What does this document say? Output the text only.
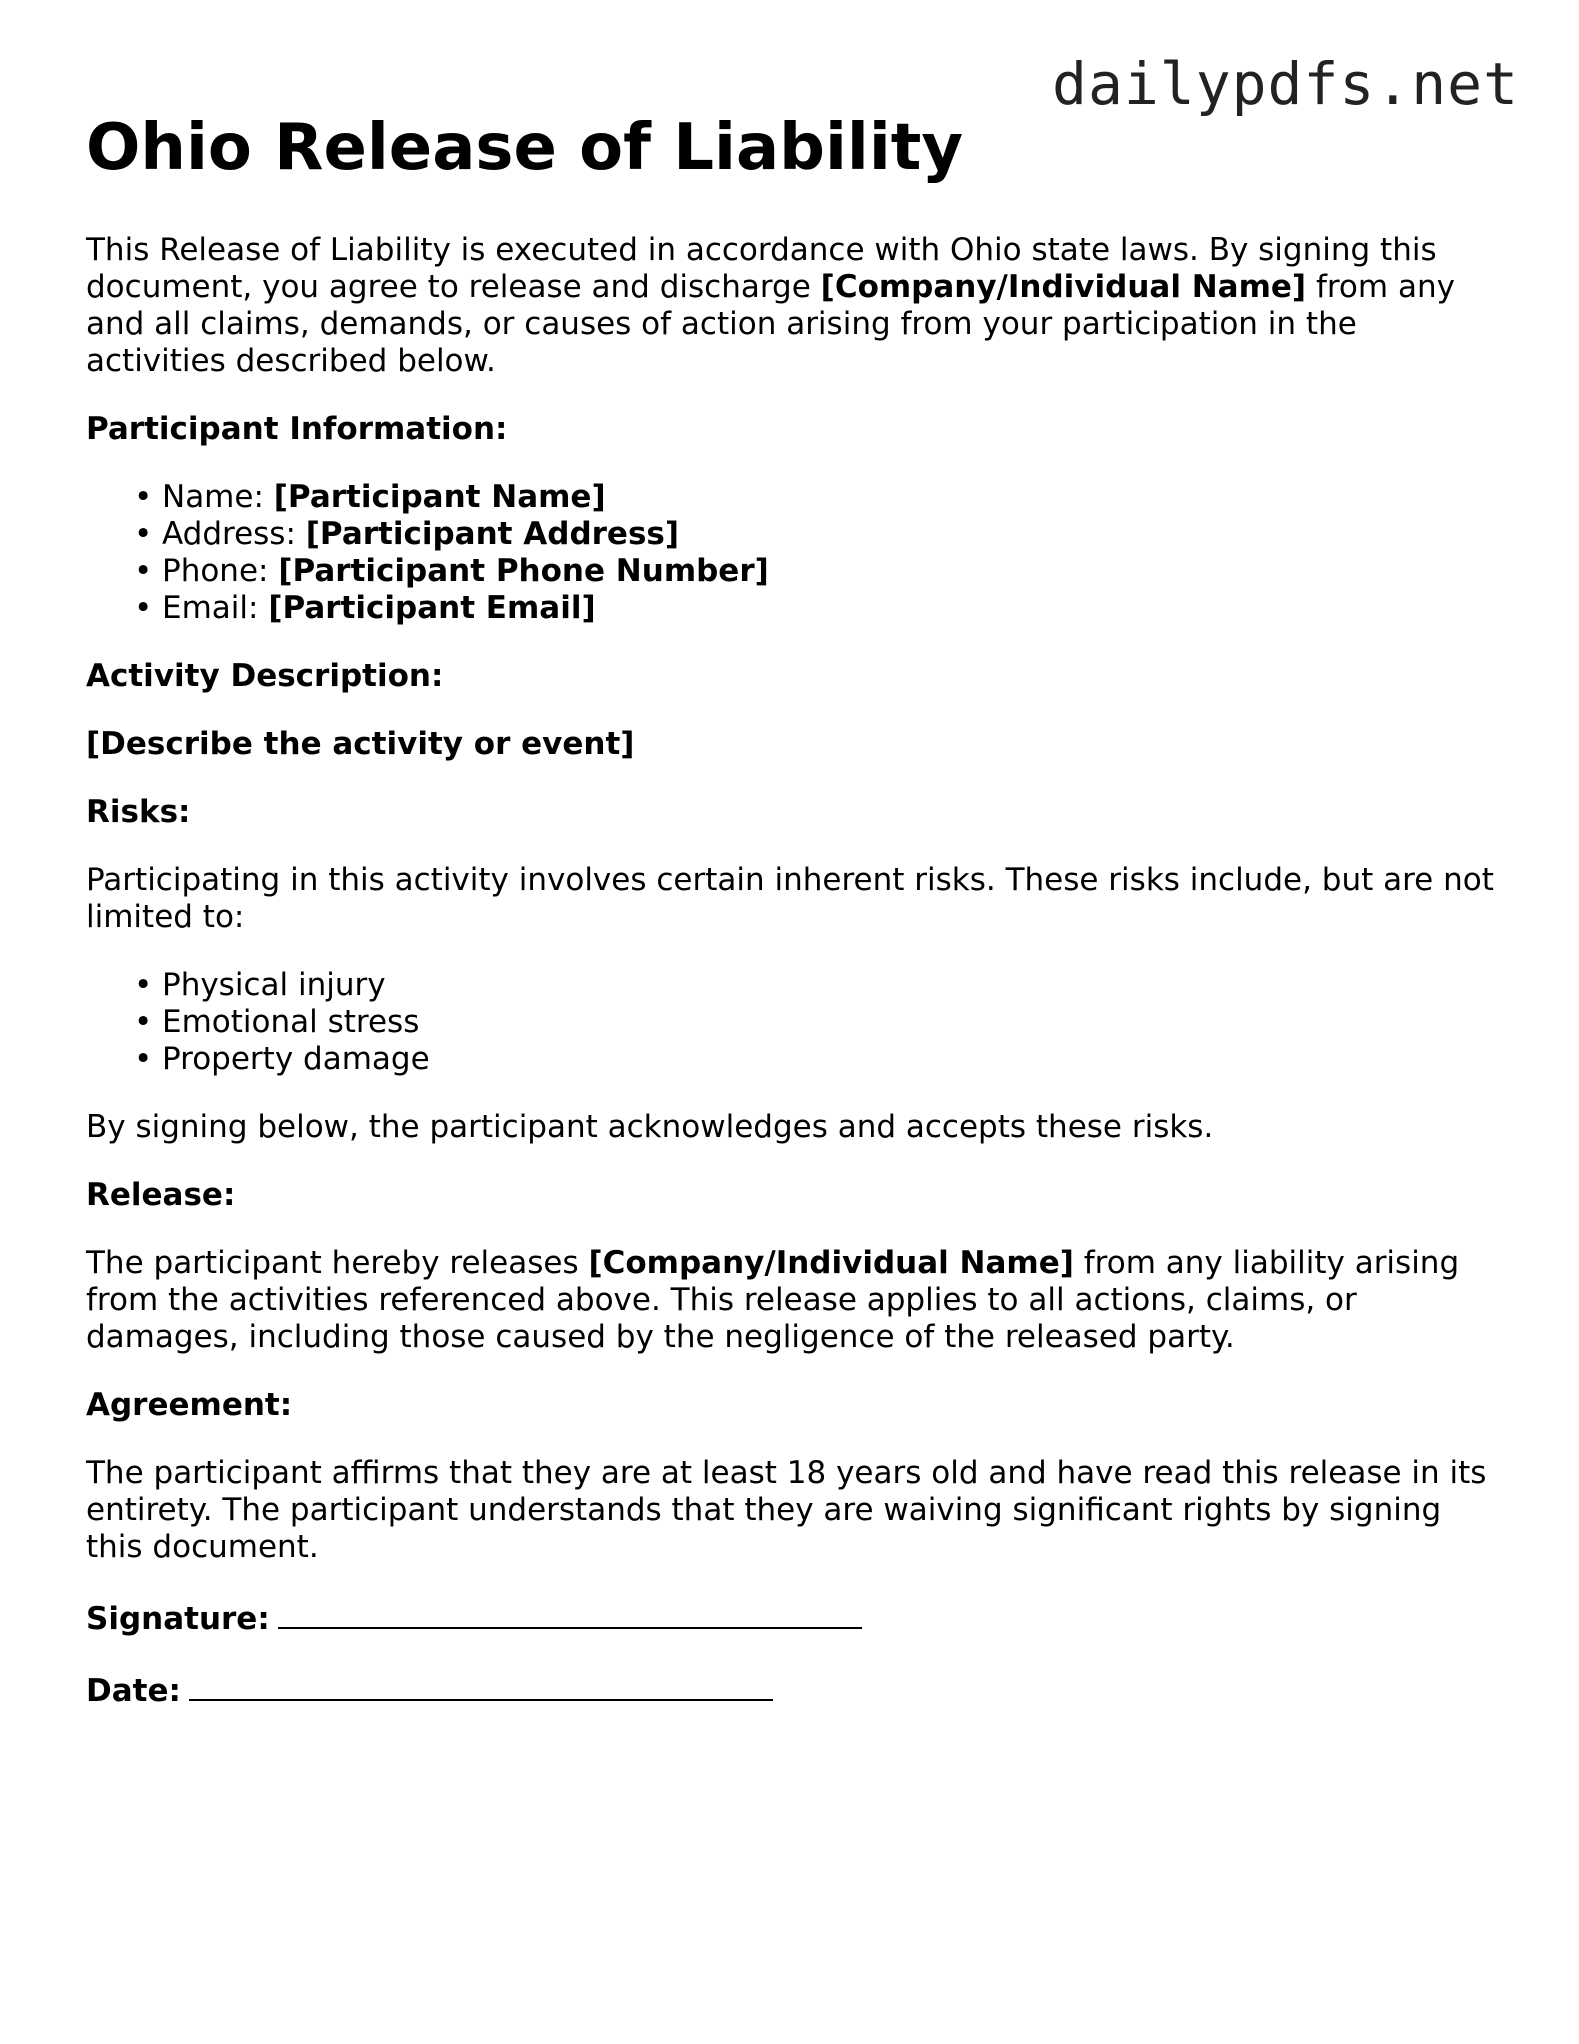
dailypdfs.net
Ohio Release of Liability

This Release of Liability is executed in accordance with Ohio state laws. By signing this document, you agree to release and discharge [Company/Individual Name] from any and all claims, demands, or causes of action arising from your participation in the activities described below.

Participant Information:

• Name: [Participant Name]
• Address: [Participant Address]
• Phone: [Participant Phone Number]
• Email: [Participant Email]

Activity Description:

[Describe the activity or event]

Risks:

Participating in this activity involves certain inherent risks. These risks include, but are not limited to:

• Physical injury
• Emotional stress
• Property damage

By signing below, the participant acknowledges and accepts these risks.

Release:

The participant hereby releases [Company/Individual Name] from any liability arising from the activities referenced above. This release applies to all actions, claims, or damages, including those caused by the negligence of the released party.

Agreement:

The participant affirms that they are at least 18 years old and have read this release in its entirety. The participant understands that they are waiving significant rights by signing this document.

Signature:

Date:
